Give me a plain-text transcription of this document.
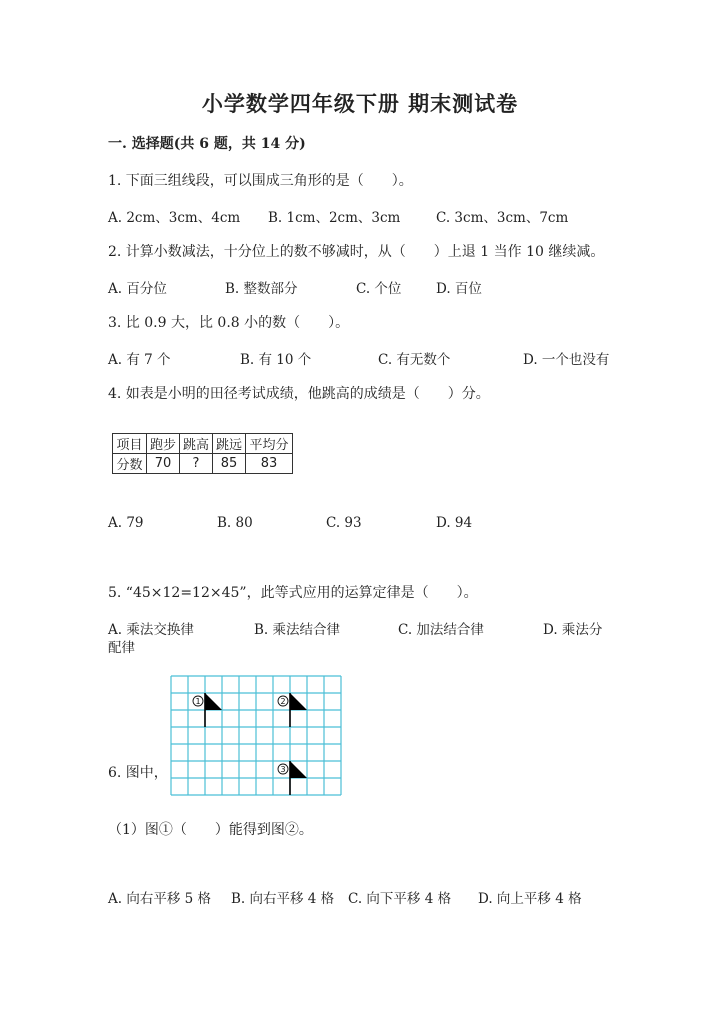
小学数学四年级下册 期末测试卷
一. 选择题(共 6 题，共 14 分)
1. 下面三组线段，可以围成三角形的是（　　）。
A. 2cm、3cm、4cm B. 1cm、2cm、3cm	C. 3cm、3cm、7cm
2. 计算小数减法，十分位上的数不够减时，从（　　）上退 1 当作 10 继续减。
A. 百分位	B. 整数部分	C. 个位	D. 百位
3. 比 0.9 大，比 0.8 小的数（　　）。
A. 有 7 个	B. 有 10 个	C. 有无数个	D. 一个也没有
4. 如表是小明的田径考试成绩，他跳高的成绩是（　　）分。
项目	跑步	跳高	跳远	平均分
分数	70	?	85	83
A. 79	B. 80	C. 93	D. 94
5. “45×12=12×45”，此等式应用的运算定律是（　　）。
A. 乘法交换律	B. 乘法结合律	C. 加法结合律	D. 乘法分
配律
6. 图中，
1	2
3
（1）图①（　　）能得到图②。
A. 向右平移 5 格 B. 向右平移 4 格 C. 向下平移 4 格 D. 向上平移 4 格
